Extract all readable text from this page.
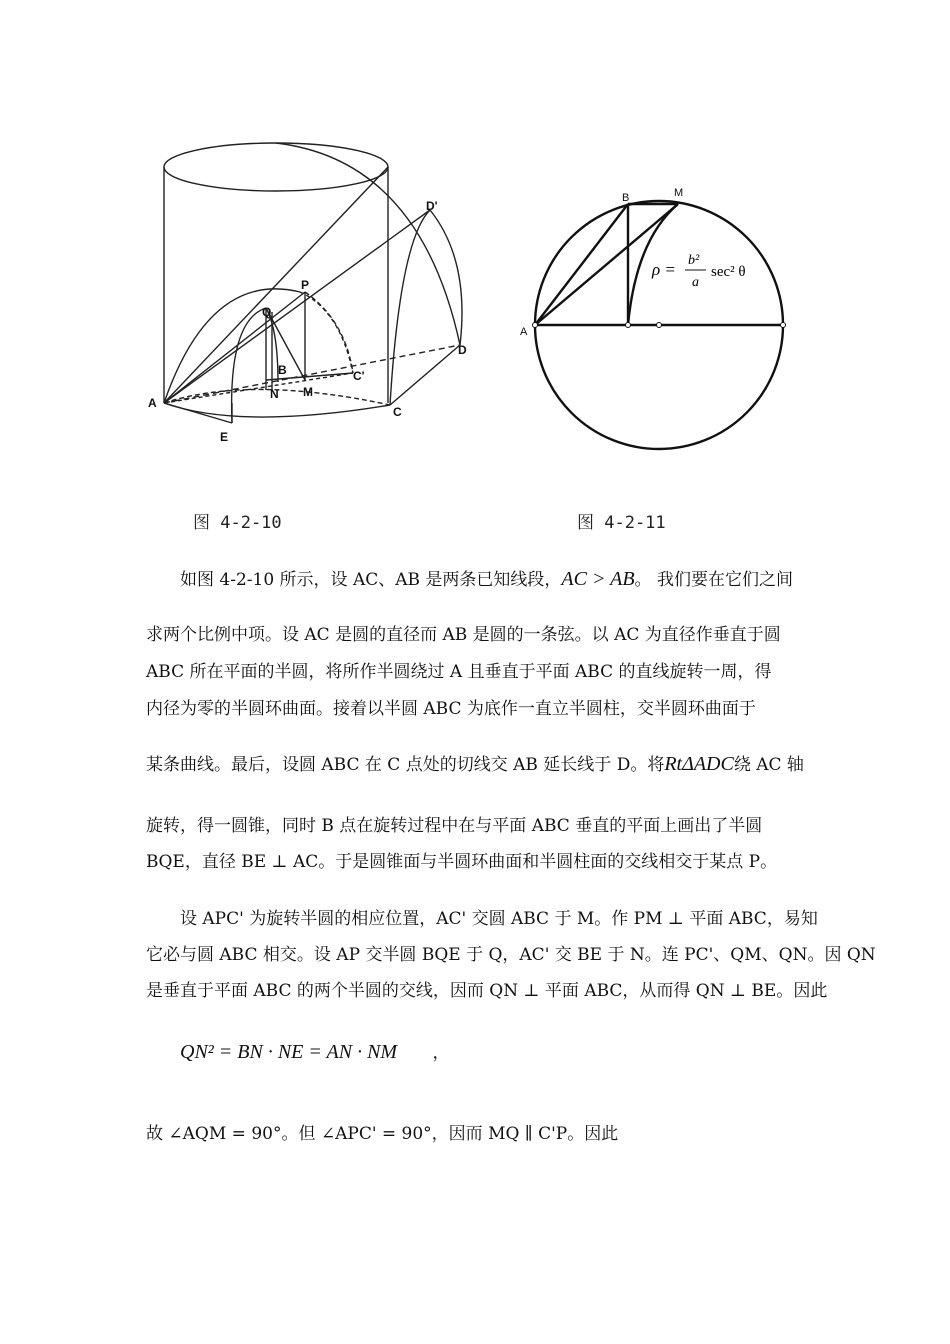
A
B
C
D
D'
P
Q
N M
C'
E
A
B	M
ρ = b²
a
sec² θ
图 4-2-10	图 4-2-11
如图 4-2-10 所示，设 AC、AB 是两条已知线段，AC > AB。 我们要在它们之间
求两个比例中项。设 AC 是圆的直径而 AB 是圆的一条弦。以 AC 为直径作垂直于圆
ABC 所在平面的半圆，将所作半圆绕过 A 且垂直于平面 ABC 的直线旋转一周，得
内径为零的半圆环曲面。接着以半圆 ABC 为底作一直立半圆柱，交半圆环曲面于
某条曲线。最后，设圆 ABC 在 C 点处的切线交 AB 延长线于 D。将RtΔADC绕 AC 轴
旋转，得一圆锥，同时 B 点在旋转过程中在与平面 ABC 垂直的平面上画出了半圆
BQE，直径 BE ⊥ AC。于是圆锥面与半圆环曲面和半圆柱面的交线相交于某点 P。
设 APC' 为旋转半圆的相应位置，AC' 交圆 ABC 于 M。作 PM ⊥ 平面 ABC，易知
它必与圆 ABC 相交。设 AP 交半圆 BQE 于 Q，AC' 交 BE 于 N。连 PC'、QM、QN。因 QN
是垂直于平面 ABC 的两个半圆的交线，因而 QN ⊥ 平面 ABC，从而得 QN ⊥ BE。因此
QN² = BN · NE = AN · NM ，
故 ∠AQM = 90°。但 ∠APC' = 90°，因而 MQ ∥ C'P。因此
